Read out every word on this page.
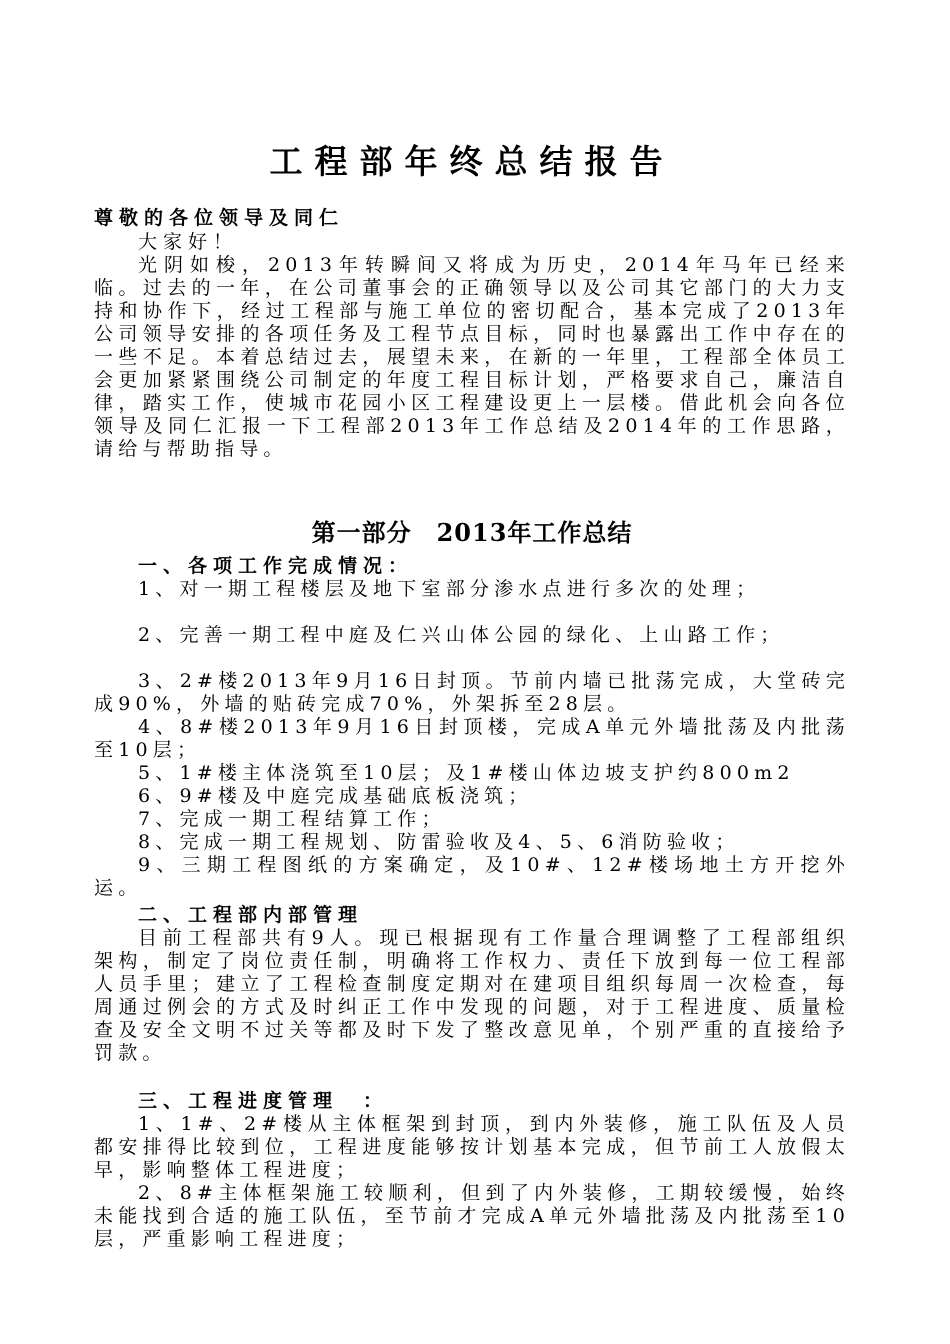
工程部年终总结报告
尊敬的各位领导及同仁
大家好！
光阴如梭，2013年转瞬间又将成为历史，2014年马年已经来临。过去的一年，在公司董事会的正确领导以及公司其它部门的大力支持和协作下，经过工程部与施工单位的密切配合，基本完成了2013年公司领导安排的各项任务及工程节点目标，同时也暴露出工作中存在的一些不足。本着总结过去，展望未来，在新的一年里，工程部全体员工会更加紧紧围绕公司制定的年度工程目标计划，严格要求自己，廉洁自律，踏实工作，使城市花园小区工程建设更上一层楼。借此机会向各位领导及同仁汇报一下工程部2013年工作总结及2014年的工作思路，请给与帮助指导。
第一部分　2013年工作总结
一、各项工作完成情况：
1、对一期工程楼层及地下室部分渗水点进行多次的处理；
2、完善一期工程中庭及仁兴山体公园的绿化、上山路工作；
3、2#楼2013年9月16日封顶。节前内墙已批荡完成，大堂砖完成90%，外墙的贴砖完成70%，外架拆至28层。
4、8#楼2013年9月16日封顶楼，完成A单元外墙批荡及内批荡至10层；
5、1#楼主体浇筑至10层；及1#楼山体边坡支护约800m2
6、9#楼及中庭完成基础底板浇筑；
7、完成一期工程结算工作；
8、完成一期工程规划、防雷验收及4、5、6消防验收；
9、三期工程图纸的方案确定，及10#、12#楼场地土方开挖外运。
二、工程部内部管理
目前工程部共有9人。现已根据现有工作量合理调整了工程部组织架构，制定了岗位责任制，明确将工作权力、责任下放到每一位工程部人员手里；建立了工程检查制度定期对在建项目组织每周一次检查，每周通过例会的方式及时纠正工作中发现的问题，对于工程进度、质量检查及安全文明不过关等都及时下发了整改意见单，个别严重的直接给予罚款。
三、工程进度管理　：
1、1#、2#楼从主体框架到封顶，到内外装修，施工队伍及人员都安排得比较到位，工程进度能够按计划基本完成，但节前工人放假太早，影响整体工程进度；
2、8#主体框架施工较顺利，但到了内外装修，工期较缓慢，始终未能找到合适的施工队伍，至节前才完成A单元外墙批荡及内批荡至10层，严重影响工程进度；
